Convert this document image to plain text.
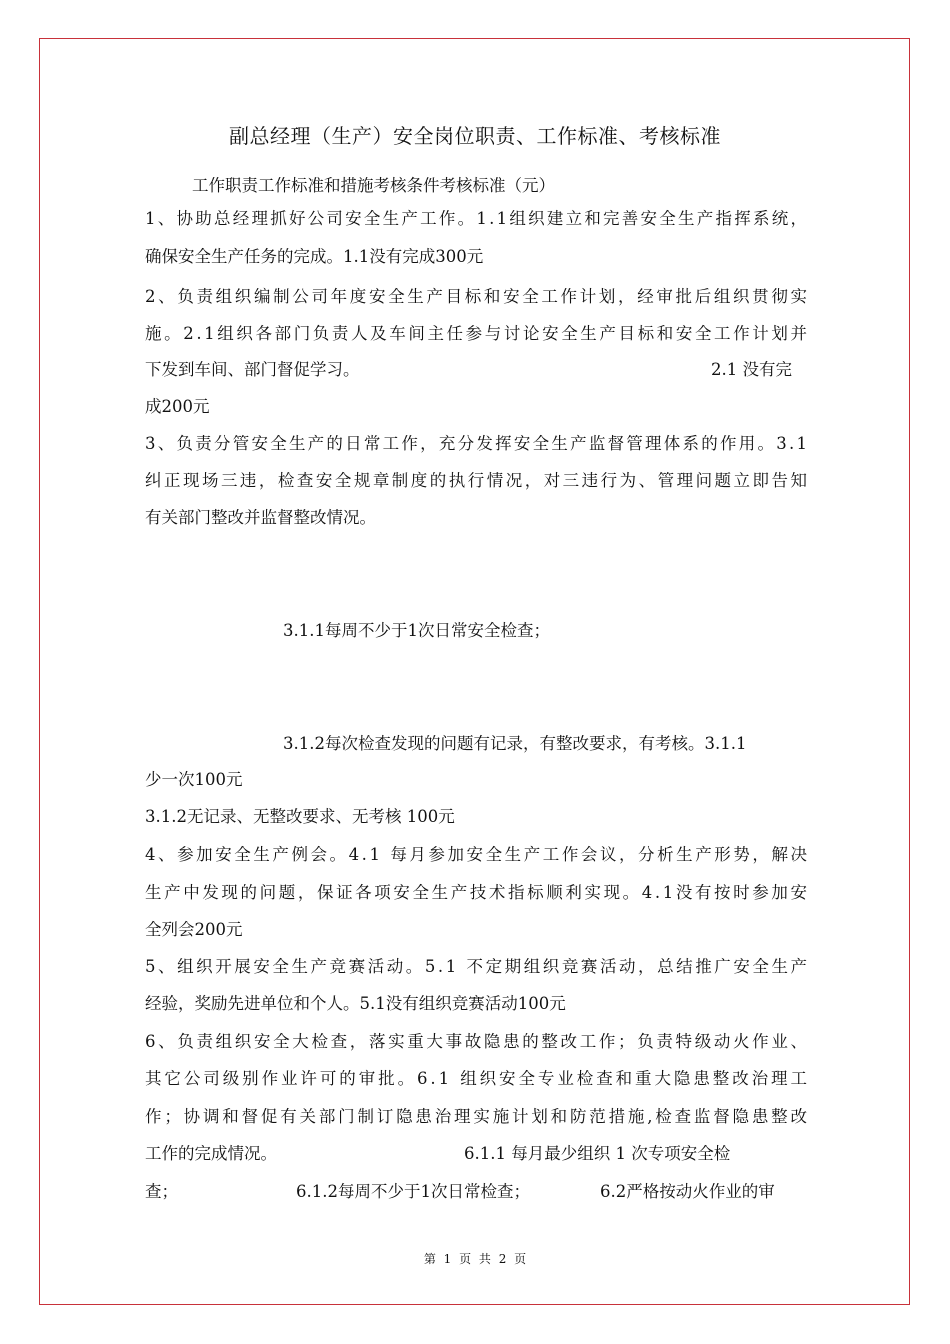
副总经理（生产）安全岗位职责、工作标准、考核标准
工作职责工作标准和措施考核条件考核标准（元）
1、协助总经理抓好公司安全生产工作。1.1组织建立和完善安全生产指挥系统，
确保安全生产任务的完成。1.1没有完成300元
2、负责组织编制公司年度安全生产目标和安全工作计划，经审批后组织贯彻实
施。2.1组织各部门负责人及车间主任参与讨论安全生产目标和安全工作计划并
下发到车间、部门督促学习。	2.1 没有完
成200元
3、负责分管安全生产的日常工作，充分发挥安全生产监督管理体系的作用。3.1
纠正现场三违，检查安全规章制度的执行情况，对三违行为、管理问题立即告知
有关部门整改并监督整改情况。
3.1.1每周不少于1次日常安全检查；
3.1.2每次检查发现的问题有记录，有整改要求，有考核。3.1.1
少一次100元
3.1.2无记录、无整改要求、无考核 100元
4、参加安全生产例会。4.1 每月参加安全生产工作会议，分析生产形势，解决
生产中发现的问题，保证各项安全生产技术指标顺利实现。4.1没有按时参加安
全列会200元
5、组织开展安全生产竞赛活动。5.1 不定期组织竞赛活动，总结推广安全生产
经验，奖励先进单位和个人。5.1没有组织竞赛活动100元
6、负责组织安全大检查，落实重大事故隐患的整改工作；负责特级动火作业、
其它公司级别作业许可的审批。6.1 组织安全专业检查和重大隐患整改治理工
作；协调和督促有关部门制订隐患治理实施计划和防范措施,检查监督隐患整改
工作的完成情况。	6.1.1 每月最少组织 1 次专项安全检
查；	6.1.2每周不少于1次日常检查；	6.2严格按动火作业的审
第 1 页 共 2 页
